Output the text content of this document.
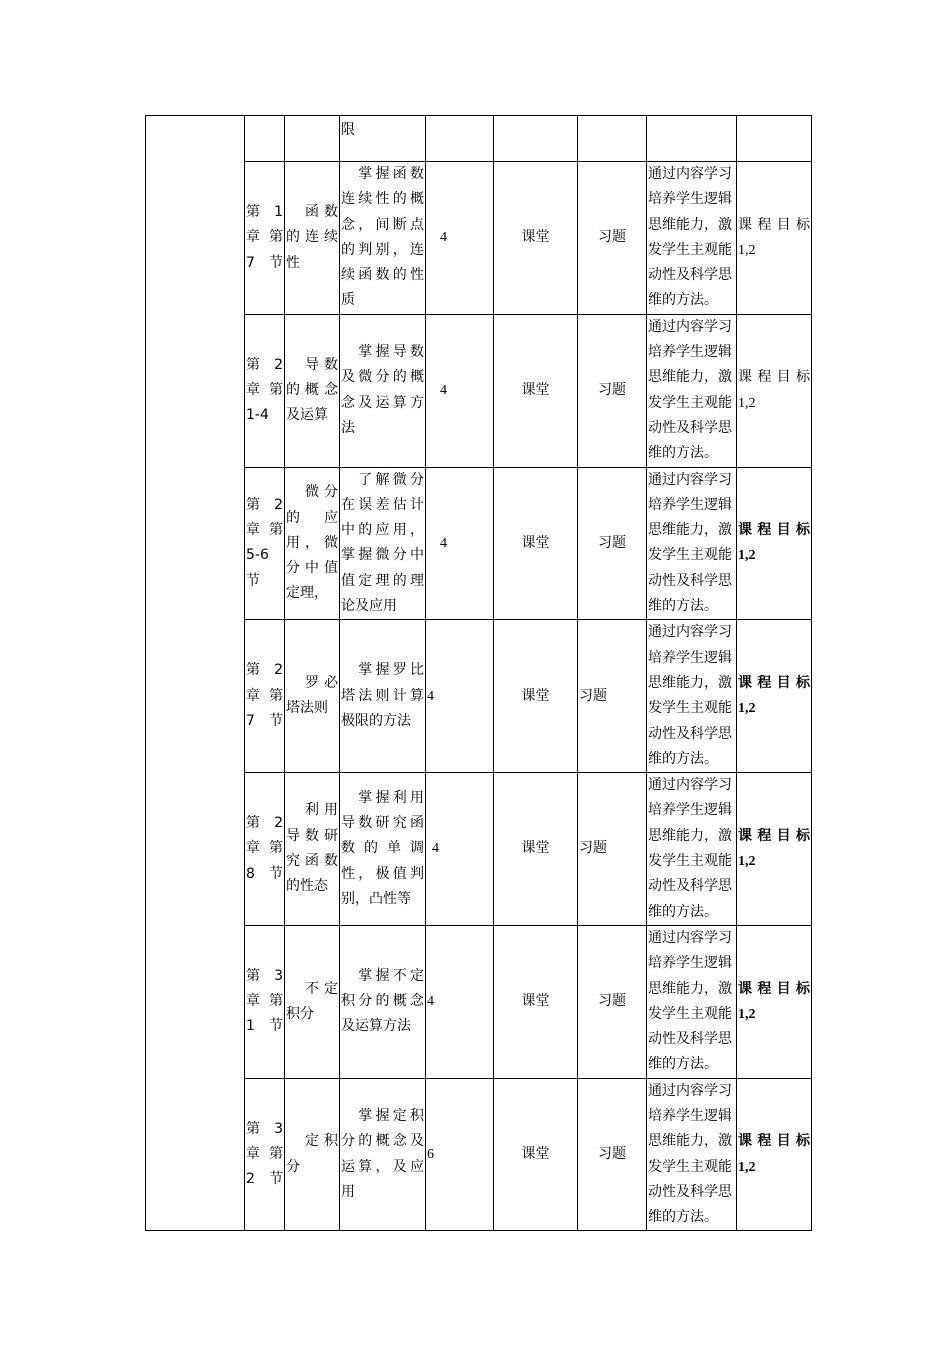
			限					
	第 1 章 第 7 节	函数的连续性	掌握函数连续性的概念，间断点的判别，连续函数的性质	4	课堂	习题	通过内容学习培养学生逻辑思维能力，激发学生主观能动性及科学思维的方法。	课程目标
1,2

	第 2 章 第 1-4	导数的概念及运算	掌握导数及微分的概念及运算方法	4	课堂	习题	通过内容学习培养学生逻辑思维能力，激发学生主观能动性及科学思维的方法。	课程目标
1,2

	第 2 章 第 5-6 节	微分的应用，微分中值定理，	了解微分在误差估计中的应用，掌握微分中值定理的理论及应用	4	课堂	习题	通过内容学习培养学生逻辑思维能力，激发学生主观能动性及科学思维的方法。	课程目标
1,2

	第 2 章 第 7 节	罗必塔法则	掌握罗比塔法则计算极限的方法	4	课堂	习题	通过内容学习培养学生逻辑思维能力，激发学生主观能动性及科学思维的方法。	课程目标
1,2

	第 2 章 第 8 节	利用导数研究函数的性态	掌握利用导数研究函数的单调性，极值判别，凸性等	4	课堂	习题	通过内容学习培养学生逻辑思维能力，激发学生主观能动性及科学思维的方法。	课程目标
1,2

	第 3 章 第 1 节	不定积分	掌握不定积分的概念及运算方法	4	课堂	习题	通过内容学习培养学生逻辑思维能力，激发学生主观能动性及科学思维的方法。	课程目标
1,2

	第 3 章 第 2 节	定积分	掌握定积分的概念及运算，及应用	6	课堂	习题	通过内容学习培养学生逻辑思维能力，激发学生主观能动性及科学思维的方法。	课程目标
1,2
